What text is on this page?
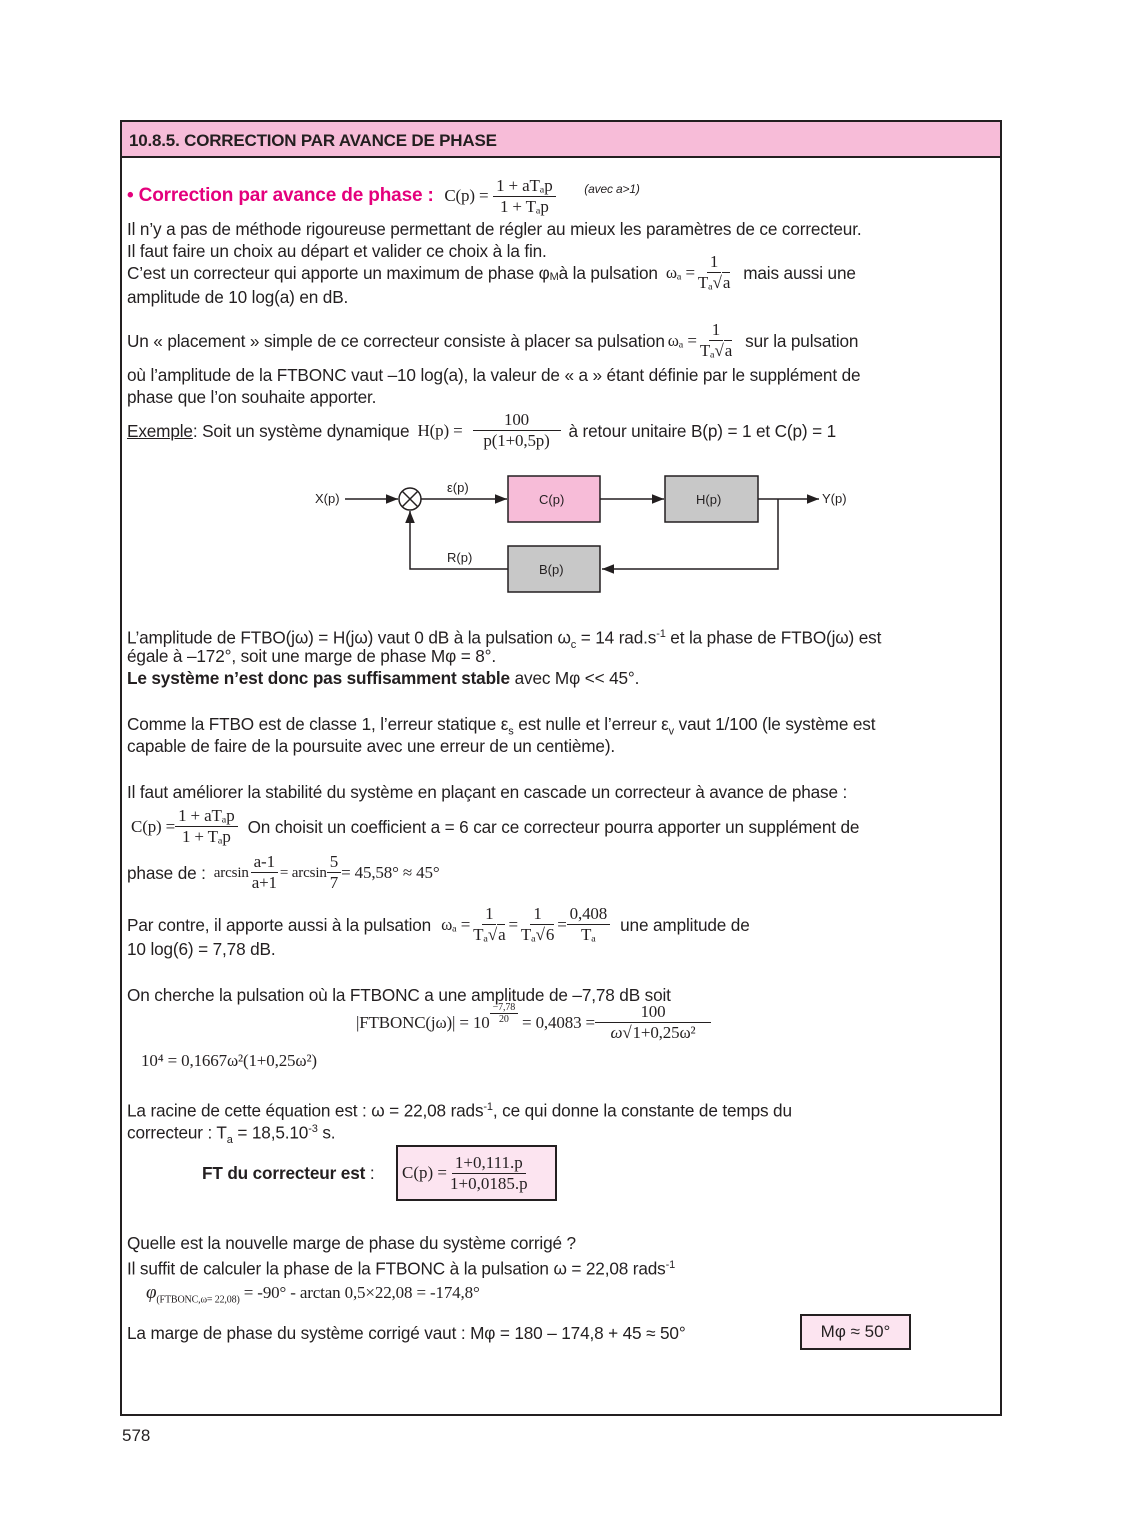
10.8.5. CORRECTION PAR AVANCE DE PHASE
• Correction par avance de phase : $C(p) = \frac{\text{1 + aTₐp}}{\text{1 + Tₐp}} ^{(avec a>1)}$
Il n’y a pas de méthode rigoureuse permettant de régler au mieux les paramètres de ce correcteur.
Il faut faire un choix au départ et valider ce choix à la fin.
C’est un correcteur qui apporte un maximum de phase $\varphi_M$ à la pulsation $\omega_a = \frac{1}{\text{Tₐ√a}}$ mais aussi une
amplitude de 10 log(a) en dB.
Un « placement » simple de ce correcteur consiste à placer sa pulsation $\omega_a = \frac{1}{\text{Tₐ√a}}$ sur la pulsation
où l’amplitude de la FTBONC vaut –10 log(a), la valeur de « a » étant définie par le supplément de
phase que l’on souhaite apporter.
Exemple : Soit un système dynamique $H(p) = \frac{100}{p(1+0,5p)}$ à retour unitaire B(p) = 1 et C(p) = 1
X(p)
ε(p)
C(p)	H(p)	Y(p)
B(p)
R(p)
L’amplitude de FTBO(jω) = H(jω) vaut 0 dB à la pulsation $\omega_c = 14$ $rad.s^{-1}$ et la phase de FTBO(jω) est
égale à –172°, soit une marge de phase Mφ = 8°.
Le système n’est donc pas suffisamment stable avec Mφ << 45°.
Comme la FTBO est de classe 1, l’erreur statique $\varepsilon_s$ est nulle et l’erreur $\varepsilon_v$ vaut 1/100 (le système est
capable de faire de la poursuite avec une erreur de un centième).
Il faut améliorer la stabilité du système en plaçant en cascade un correcteur à avance de phase :
$C(p) = \frac{\text{1 + aTₐp}}{\text{1 + Tₐp}}$ On choisit un coefficient a = 6 car ce correcteur pourra apporter un supplément de
phase de : $\arcsin \frac{a-1}{a+1} = \arcsin \frac{5}{7} = 45,58^\circ \approx 45^\circ$
Par contre, il apporte aussi à la pulsation $\omega_a = \frac{1}{\text{Tₐ√a}} = \frac{1}{\text{Tₐ√6}} = \frac{0,408}{\text{Tₐ}}$ une amplitude de
10 log(6) = 7,78 dB.
On cherche la pulsation où la FTBONC a une amplitude de –7,78 dB soit
|FTBONC(jω)| = $10 \frac{-7,78}{20} = 0,4083 = \frac{100}{\text{ω√1+0,25ω²}}$
10⁴ = 0,1667ω²(1+0,25ω²)
La racine de cette équation est : ω = 22,08 rads$^{-1}$, ce qui donne la constante de temps du
correcteur : $T_a = 18,5.10^{-3}$ s.
FT du correcteur est : $C(p) = \frac{1+0,111.p}{1+0,0185.p}$
Quelle est la nouvelle marge de phase du système corrigé ?
Il suffit de calculer la phase de la FTBONC à la pulsation ω = 22,08 rads$^{-1}$
$\varphi_{(FTBONC,\omega= 22,08)} = -90^\circ - \arctan 0,5\times 22,08 = -174,8^\circ$
La marge de phase du système corrigé vaut : Mφ = 180 – 174,8 + 45 ≈ 50°	Mφ ≈ 50°
578
